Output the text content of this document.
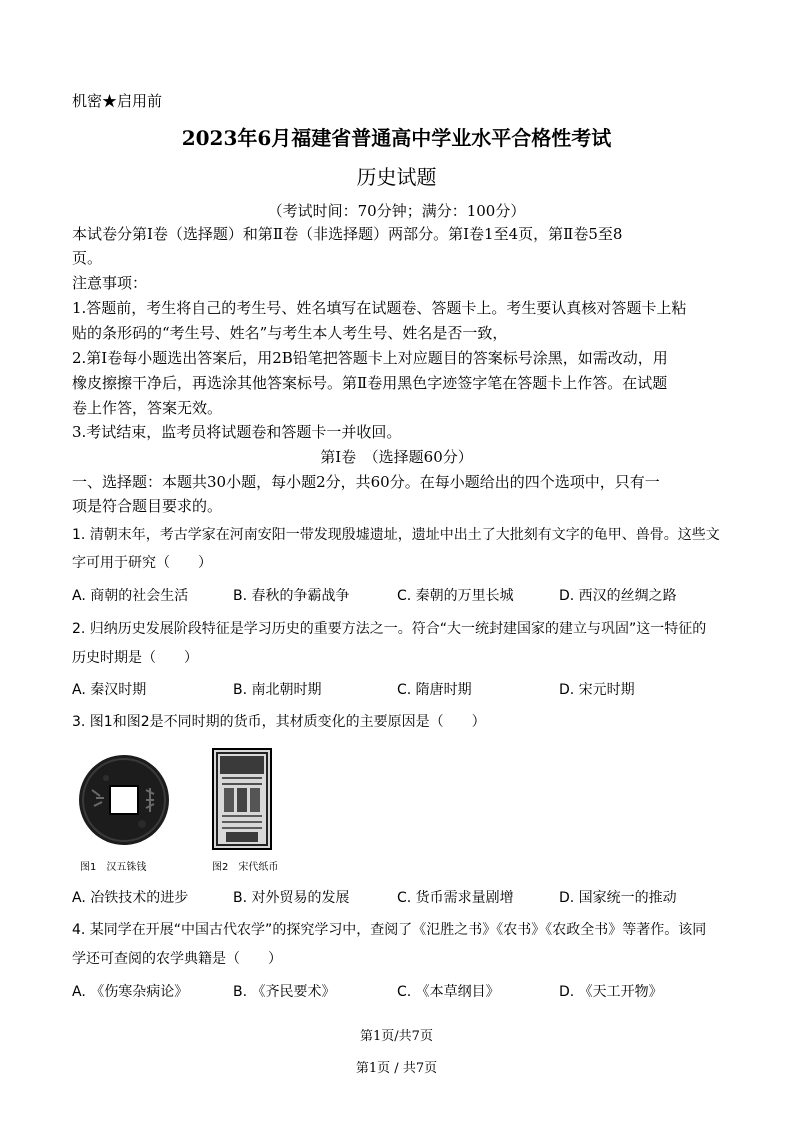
机密★启用前
2023年6月福建省普通高中学业水平合格性考试
历史试题
（考试时间：70分钟；满分：100分）
本试卷分第Ⅰ卷（选择题）和第Ⅱ卷（非选择题）两部分。第Ⅰ卷1至4页，第Ⅱ卷5至8
页。
注意事项：
1.答题前，考生将自己的考生号、姓名填写在试题卷、答题卡上。考生要认真核对答题卡上粘
贴的条形码的“考生号、姓名”与考生本人考生号、姓名是否一致，
2.第Ⅰ卷每小题选出答案后，用2B铅笔把答题卡上对应题目的答案标号涂黑，如需改动，用
橡皮擦擦干净后，再选涂其他答案标号。第Ⅱ卷用黑色字迹签字笔在答题卡上作答。在试题
卷上作答，答案无效。
3.考试结束，监考员将试题卷和答题卡一并收回。
第Ⅰ卷　（选择题60分）
一、选择题：本题共30小题，每小题2分，共60分。在每小题给出的四个选项中，只有一
项是符合题目要求的。
1. 清朝末年，考古学家在河南安阳一带发现殷墟遗址，遗址中出土了大批刻有文字的龟甲、兽骨。这些文
字可用于研究（　　）
A. 商朝的社会生活	B. 春秋的争霸战争	C. 秦朝的万里长城	D. 西汉的丝绸之路
2. 归纳历史发展阶段特征是学习历史的重要方法之一。符合“大一统封建国家的建立与巩固”这一特征的
历史时期是（　　）
A. 秦汉时期	B. 南北朝时期	C. 隋唐时期	D. 宋元时期
3. 图1和图2是不同时期的货币，其材质变化的主要原因是（　　）
图1　汉五铢钱	图2　宋代纸币
A. 冶铁技术的进步	B. 对外贸易的发展	C. 货币需求量剧增	D. 国家统一的推动
4. 某同学在开展“中国古代农学”的探究学习中，查阅了《氾胜之书》《农书》《农政全书》等著作。该同
学还可查阅的农学典籍是（　　）
A. 《伤寒杂病论》	B. 《齐民要术》	C. 《本草纲目》	D. 《天工开物》
第1页/共7页
第1页 / 共7页
